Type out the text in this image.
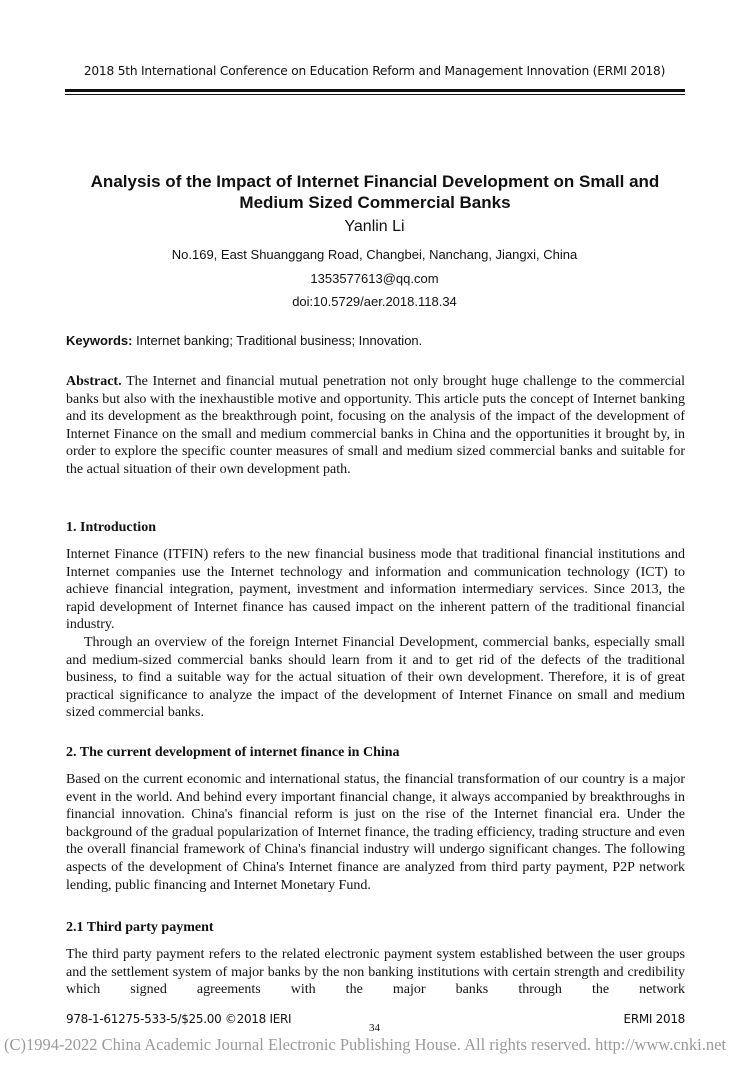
2018 5th International Conference on Education Reform and Management Innovation (ERMI 2018)
Analysis of the Impact of Internet Financial Development on Small and
Medium Sized Commercial Banks
Yanlin Li
No.169, East Shuanggang Road, Changbei, Nanchang, Jiangxi, China
1353577613@qq.com
doi:10.5729/aer.2018.118.34
Keywords: Internet banking; Traditional business; Innovation.

Abstract. The Internet and financial mutual penetration not only brought huge challenge to the commercial banks but also with the inexhaustible motive and opportunity. This article puts the concept of Internet banking and its development as the breakthrough point, focusing on the analysis of the impact of the development of Internet Finance on the small and medium commercial banks in China and the opportunities it brought by, in order to explore the specific counter measures of small and medium sized commercial banks and suitable for the actual situation of their own development path.

1. Introduction

Internet Finance (ITFIN) refers to the new financial business mode that traditional financial institutions and Internet companies use the Internet technology and information and communication technology (ICT) to achieve financial integration, payment, investment and information intermediary services. Since 2013, the rapid development of Internet finance has caused impact on the inherent pattern of the traditional financial industry.

Through an overview of the foreign Internet Financial Development, commercial banks, especially small and medium-sized commercial banks should learn from it and to get rid of the defects of the traditional business, to find a suitable way for the actual situation of their own development. Therefore, it is of great practical significance to analyze the impact of the development of Internet Finance on small and medium sized commercial banks.

2. The current development of internet finance in China

Based on the current economic and international status, the financial transformation of our country is a major event in the world. And behind every important financial change, it always accompanied by breakthroughs in financial innovation. China's financial reform is just on the rise of the Internet financial era. Under the background of the gradual popularization of Internet finance, the trading efficiency, trading structure and even the overall financial framework of China's financial industry will undergo significant changes. The following aspects of the development of China's Internet finance are analyzed from third party payment, P2P network lending, public financing and Internet Monetary Fund.

2.1 Third party payment

The third party payment refers to the related electronic payment system established between the user groups and the settlement system of major banks by the non banking institutions with certain strength and credibility which signed agreements with the major banks through the network

978-1-61275-533-5/$25.00 ©2018 IERI
34
ERMI 2018
(C)1994-2022 China Academic Journal Electronic Publishing House. All rights reserved. http://www.cnki.net
